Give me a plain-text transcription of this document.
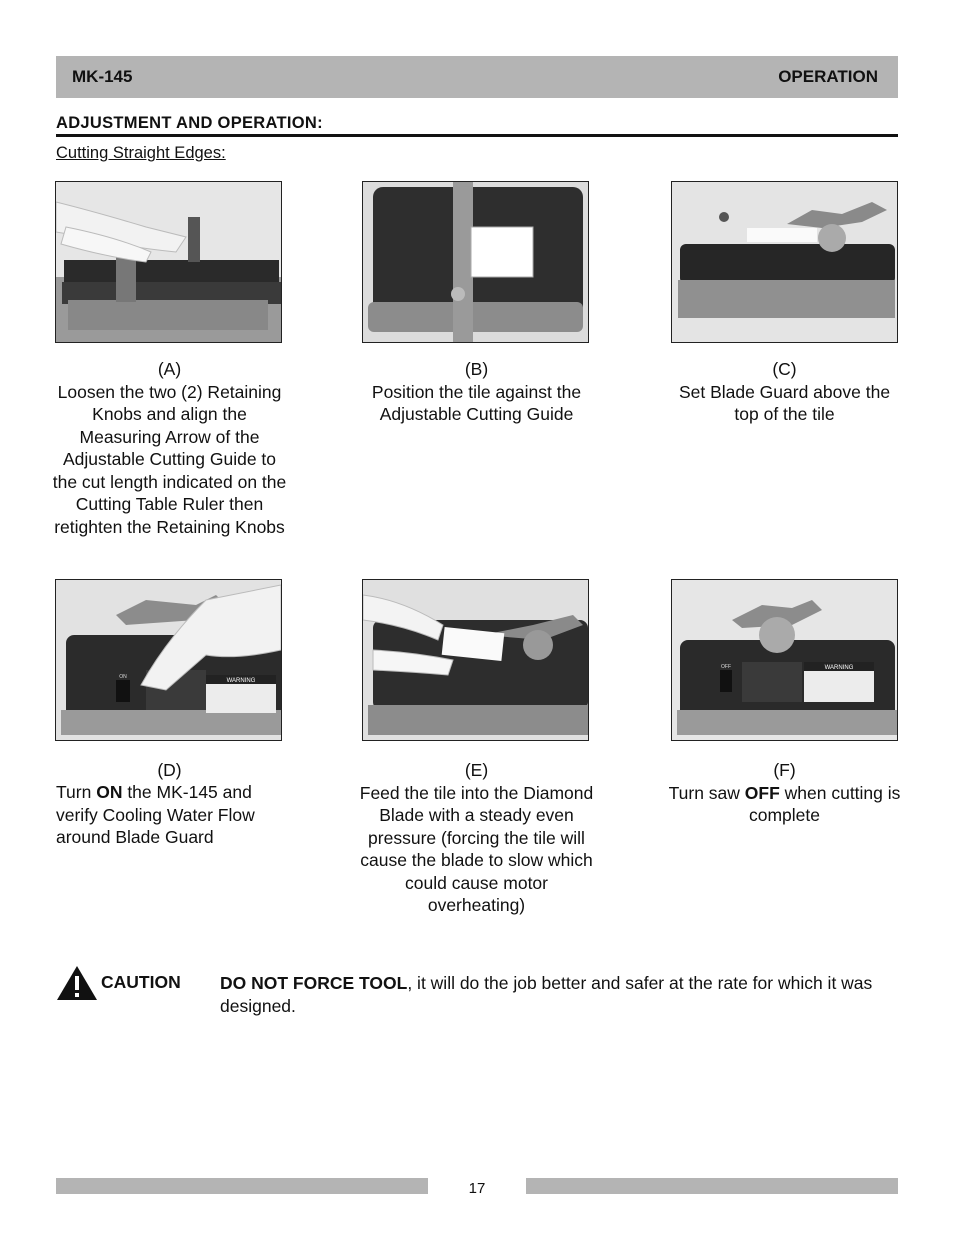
MK-145	OPERATION
ADJUSTMENT AND OPERATION:
Cutting Straight Edges:
(A)
Loosen the two (2) Retaining Knobs and align the Measuring Arrow of the Adjustable Cutting Guide to the cut length indicated on the Cutting Table Ruler then retighten the Retaining Knobs
(B)
Position the tile against the Adjustable Cutting Guide
(C)
Set Blade Guard above the top of the tile
WARNING
ON
OFF	WARNING
(D)
Turn ON the MK-145 and verify Cooling Water Flow around Blade Guard
(E)
Feed the tile into the Diamond Blade with a steady even pressure (forcing the tile will cause the blade to slow which could cause motor overheating)
(F)
Turn saw OFF when cutting is complete
CAUTION DO NOT FORCE TOOL, it will do the job better and safer at the rate for which it was designed.
17
